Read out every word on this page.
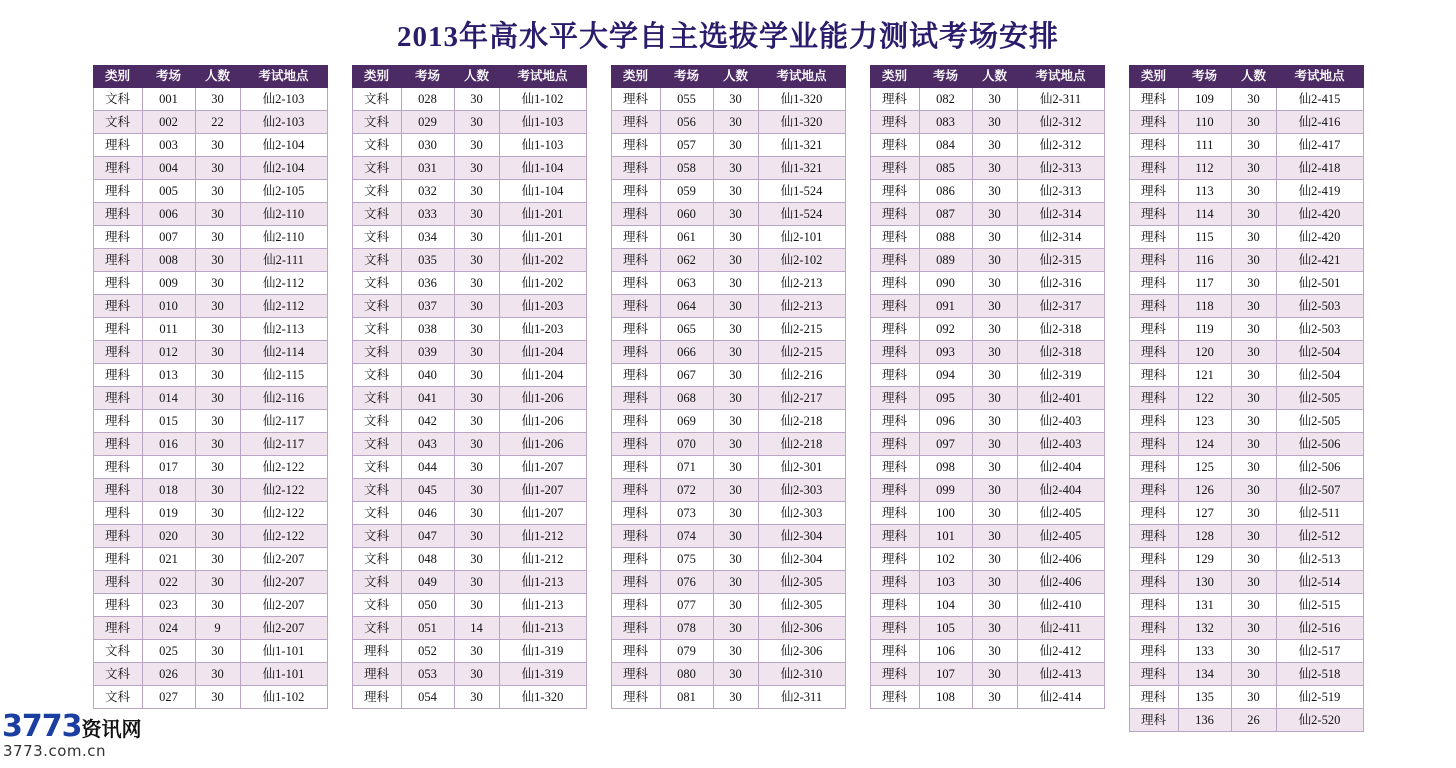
2013年高水平大学自主选拔学业能力测试考场安排
类别	考场	人数	考试地点
文科	001	30	仙2-103
文科	002	22	仙2-103
理科	003	30	仙2-104
理科	004	30	仙2-104
理科	005	30	仙2-105
理科	006	30	仙2-110
理科	007	30	仙2-110
理科	008	30	仙2-111
理科	009	30	仙2-112
理科	010	30	仙2-112
理科	011	30	仙2-113
理科	012	30	仙2-114
理科	013	30	仙2-115
理科	014	30	仙2-116
理科	015	30	仙2-117
理科	016	30	仙2-117
理科	017	30	仙2-122
理科	018	30	仙2-122
理科	019	30	仙2-122
理科	020	30	仙2-122
理科	021	30	仙2-207
理科	022	30	仙2-207
理科	023	30	仙2-207
理科	024	9	仙2-207
文科	025	30	仙1-101
文科	026	30	仙1-101
文科	027	30	仙1-102
类别	考场	人数	考试地点
文科	028	30	仙1-102
文科	029	30	仙1-103
文科	030	30	仙1-103
文科	031	30	仙1-104
文科	032	30	仙1-104
文科	033	30	仙1-201
文科	034	30	仙1-201
文科	035	30	仙1-202
文科	036	30	仙1-202
文科	037	30	仙1-203
文科	038	30	仙1-203
文科	039	30	仙1-204
文科	040	30	仙1-204
文科	041	30	仙1-206
文科	042	30	仙1-206
文科	043	30	仙1-206
文科	044	30	仙1-207
文科	045	30	仙1-207
文科	046	30	仙1-207
文科	047	30	仙1-212
文科	048	30	仙1-212
文科	049	30	仙1-213
文科	050	30	仙1-213
文科	051	14	仙1-213
理科	052	30	仙1-319
理科	053	30	仙1-319
理科	054	30	仙1-320
类别	考场	人数	考试地点
理科	055	30	仙1-320
理科	056	30	仙1-320
理科	057	30	仙1-321
理科	058	30	仙1-321
理科	059	30	仙1-524
理科	060	30	仙1-524
理科	061	30	仙2-101
理科	062	30	仙2-102
理科	063	30	仙2-213
理科	064	30	仙2-213
理科	065	30	仙2-215
理科	066	30	仙2-215
理科	067	30	仙2-216
理科	068	30	仙2-217
理科	069	30	仙2-218
理科	070	30	仙2-218
理科	071	30	仙2-301
理科	072	30	仙2-303
理科	073	30	仙2-303
理科	074	30	仙2-304
理科	075	30	仙2-304
理科	076	30	仙2-305
理科	077	30	仙2-305
理科	078	30	仙2-306
理科	079	30	仙2-306
理科	080	30	仙2-310
理科	081	30	仙2-311
类别	考场	人数	考试地点
理科	082	30	仙2-311
理科	083	30	仙2-312
理科	084	30	仙2-312
理科	085	30	仙2-313
理科	086	30	仙2-313
理科	087	30	仙2-314
理科	088	30	仙2-314
理科	089	30	仙2-315
理科	090	30	仙2-316
理科	091	30	仙2-317
理科	092	30	仙2-318
理科	093	30	仙2-318
理科	094	30	仙2-319
理科	095	30	仙2-401
理科	096	30	仙2-403
理科	097	30	仙2-403
理科	098	30	仙2-404
理科	099	30	仙2-404
理科	100	30	仙2-405
理科	101	30	仙2-405
理科	102	30	仙2-406
理科	103	30	仙2-406
理科	104	30	仙2-410
理科	105	30	仙2-411
理科	106	30	仙2-412
理科	107	30	仙2-413
理科	108	30	仙2-414
类别	考场	人数	考试地点
理科	109	30	仙2-415
理科	110	30	仙2-416
理科	111	30	仙2-417
理科	112	30	仙2-418
理科	113	30	仙2-419
理科	114	30	仙2-420
理科	115	30	仙2-420
理科	116	30	仙2-421
理科	117	30	仙2-501
理科	118	30	仙2-503
理科	119	30	仙2-503
理科	120	30	仙2-504
理科	121	30	仙2-504
理科	122	30	仙2-505
理科	123	30	仙2-505
理科	124	30	仙2-506
理科	125	30	仙2-506
理科	126	30	仙2-507
理科	127	30	仙2-511
理科	128	30	仙2-512
理科	129	30	仙2-513
理科	130	30	仙2-514
理科	131	30	仙2-515
理科	132	30	仙2-516
理科	133	30	仙2-517
理科	134	30	仙2-518
理科	135	30	仙2-519
理科	136	26	仙2-520
3773资讯网
3773.com.cn
